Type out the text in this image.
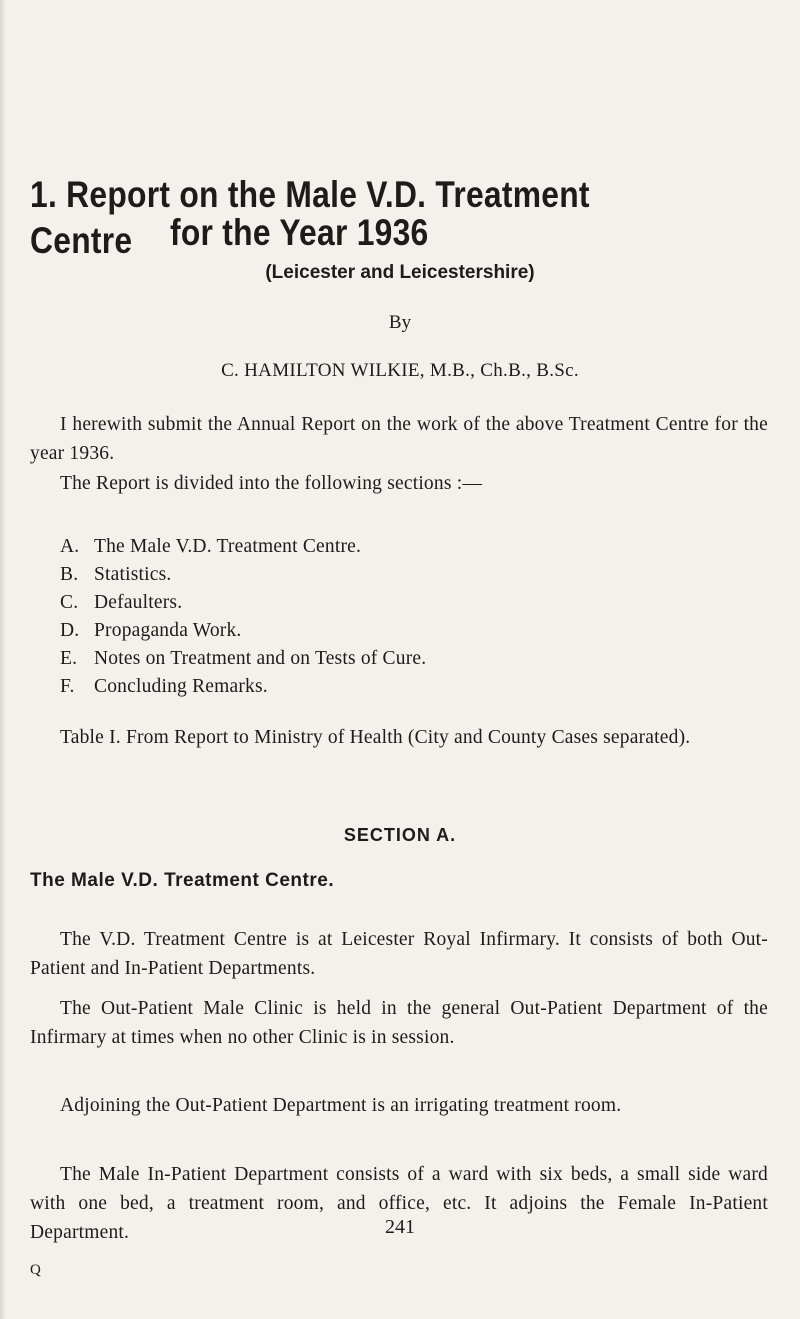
1. Report on the Male V.D. Treatment Centre	for the Year 1936
(Leicester and Leicestershire)
By
C. HAMILTON WILKIE, M.B., Ch.B., B.Sc.
I herewith submit the Annual Report on the work of the above Treatment Centre for the year 1936.
The Report is divided into the following sections :—
A. The Male V.D. Treatment Centre.
B. Statistics.
C. Defaulters.
D. Propaganda Work.
E. Notes on Treatment and on Tests of Cure.
F. Concluding Remarks.
Table I. From Report to Ministry of Health (City and County Cases separated).
SECTION A.
The Male V.D. Treatment Centre.
The V.D. Treatment Centre is at Leicester Royal Infirmary. It consists of both Out-Patient and In-Patient Departments.
The Out-Patient Male Clinic is held in the general Out-Patient Department of the Infirmary at times when no other Clinic is in session.
Adjoining the Out-Patient Department is an irrigating treatment room.
The Male In-Patient Department consists of a ward with six beds, a small side ward with one bed, a treatment room, and office, etc. It adjoins the Female In-Patient Department.	241
Q
